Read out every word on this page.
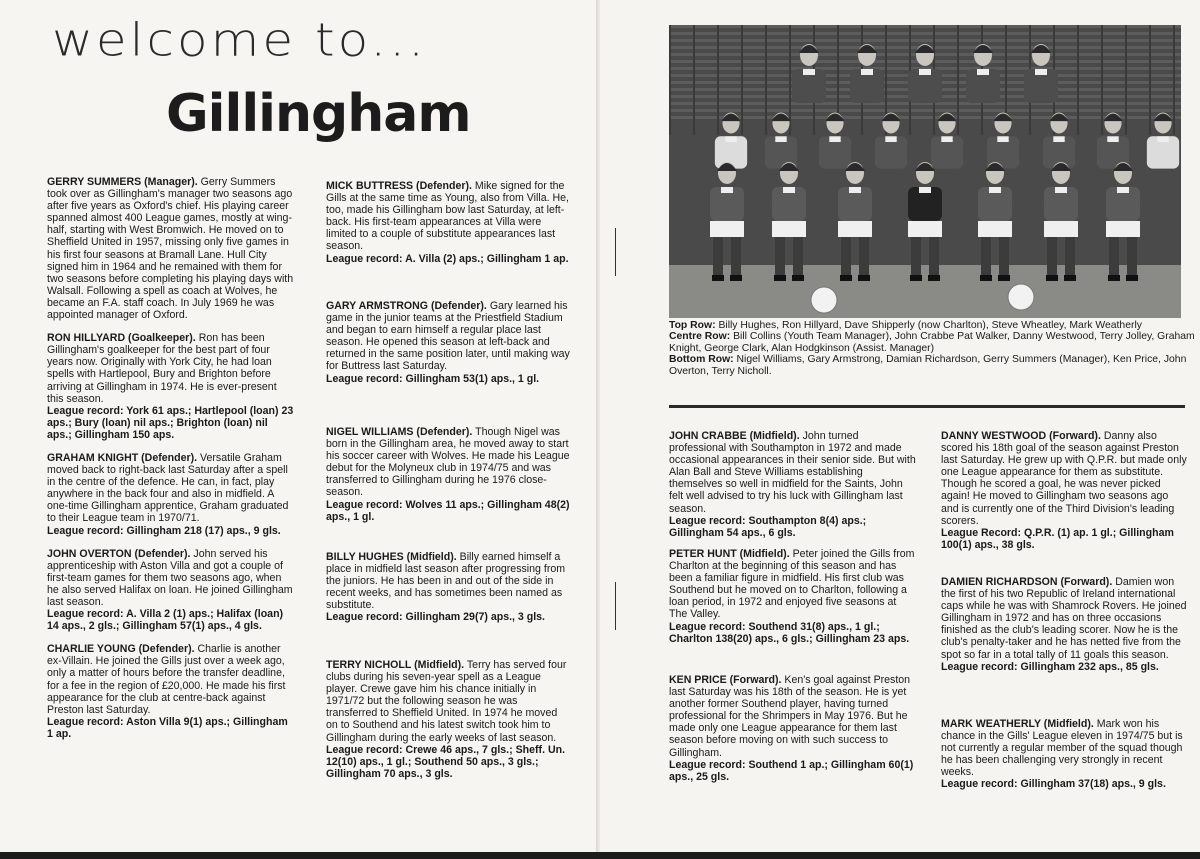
welcome to...
Gillingham
Top Row: Billy Hughes, Ron Hillyard, Dave Shipperly (now Charlton), Steve Wheatley, Mark Weatherly
Centre Row: Bill Collins (Youth Team Manager), John Crabbe Pat Walker, Danny Westwood, Terry Jolley, Graham Knight, George Clark, Alan Hodgkinson (Assist. Manager)
Bottom Row: Nigel Williams, Gary Armstrong, Damian Richardson, Gerry Summers (Manager), Ken Price, John Overton, Terry Nicholl.

GERRY SUMMERS (Manager). Gerry Summers took over as Gillingham's manager two seasons ago after five years as Oxford's chief. His playing career spanned almost 400 League games, mostly at wing-half, starting with West Bromwich. He moved on to Sheffield United in 1957, missing only five games in his first four seasons at Bramall Lane. Hull City signed him in 1964 and he remained with them for two seasons before completing his playing days with Walsall. Following a spell as coach at Wolves, he became an F.A. staff coach. In July 1969 he was appointed manager of Oxford.

RON HILLYARD (Goalkeeper). Ron has been Gillingham's goalkeeper for the best part of four years now. Originally with York City, he had loan spells with Hartlepool, Bury and Brighton before arriving at Gillingham in 1974. He is ever-present this season.
League record: York 61 aps.; Hartlepool (loan) 23 aps.; Bury (loan) nil aps.; Brighton (loan) nil aps.; Gillingham 150 aps.

GRAHAM KNIGHT (Defender). Versatile Graham moved back to right-back last Saturday after a spell in the centre of the defence. He can, in fact, play anywhere in the back four and also in midfield. A one-time Gillingham apprentice, Graham graduated to their League team in 1970/71.
League record: Gillingham 218 (17) aps., 9 gls.

JOHN OVERTON (Defender). John served his apprenticeship with Aston Villa and got a couple of first-team games for them two seasons ago, when he also served Halifax on loan. He joined Gillingham last season.
League record: A. Villa 2 (1) aps.; Halifax (loan) 14 aps., 2 gls.; Gillingham 57(1) aps., 4 gls.

CHARLIE YOUNG (Defender). Charlie is another ex-Villain. He joined the Gills just over a week ago, only a matter of hours before the transfer deadline, for a fee in the region of £20,000. He made his first appearance for the club at centre-back against Preston last Saturday.
League record: Aston Villa 9(1) aps.; Gillingham 1 ap.

MICK BUTTRESS (Defender). Mike signed for the Gills at the same time as Young, also from Villa. He, too, made his Gillingham bow last Saturday, at left-back. His first-team appearances at Villa were limited to a couple of substitute appearances last season.
League record: A. Villa (2) aps.; Gillingham 1 ap.

GARY ARMSTRONG (Defender). Gary learned his game in the junior teams at the Priestfield Stadium and began to earn himself a regular place last season. He opened this season at left-back and returned in the same position later, until making way for Buttress last Saturday.
League record: Gillingham 53(1) aps., 1 gl.

NIGEL WILLIAMS (Defender). Though Nigel was born in the Gillingham area, he moved away to start his soccer career with Wolves. He made his League debut for the Molyneux club in 1974/75 and was transferred to Gillingham during he 1976 close-season.
League record: Wolves 11 aps.; Gillingham 48(2) aps., 1 gl.

BILLY HUGHES (Midfield). Billy earned himself a place in midfield last season after progressing from the juniors. He has been in and out of the side in recent weeks, and has sometimes been named as substitute.
League record: Gillingham 29(7) aps., 3 gls.

TERRY NICHOLL (Midfield). Terry has served four clubs during his seven-year spell as a League player. Crewe gave him his chance initially in 1971/72 but the following season he was transferred to Sheffield United. In 1974 he moved on to Southend and his latest switch took him to Gillingham during the early weeks of last season.
League record: Crewe 46 aps., 7 gls.; Sheff. Un. 12(10) aps., 1 gl.; Southend 50 aps., 3 gls.; Gillingham 70 aps., 3 gls.

JOHN CRABBE (Midfield). John turned professional with Southampton in 1972 and made occasional appearances in their senior side. But with Alan Ball and Steve Williams establishing themselves so well in midfield for the Saints, John felt well advised to try his luck with Gillingham last season.
League record: Southampton 8(4) aps.; Gillingham 54 aps., 6 gls.

PETER HUNT (Midfield). Peter joined the Gills from Charlton at the beginning of this season and has been a familiar figure in midfield. His first club was Southend but he moved on to Charlton, following a loan period, in 1972 and enjoyed five seasons at The Valley.
League record: Southend 31(8) aps., 1 gl.; Charlton 138(20) aps., 6 gls.; Gillingham 23 aps.

KEN PRICE (Forward). Ken's goal against Preston last Saturday was his 18th of the season. He is yet another former Southend player, having turned professional for the Shrimpers in May 1976. But he made only one League appearance for them last season before moving on with such success to Gillingham.
League record: Southend 1 ap.; Gillingham 60(1) aps., 25 gls.

DANNY WESTWOOD (Forward). Danny also scored his 18th goal of the season against Preston last Saturday. He grew up with Q.P.R. but made only one League appearance for them as substitute. Though he scored a goal, he was never picked again! He moved to Gillingham two seasons ago and is currently one of the Third Division's leading scorers.
League Record: Q.P.R. (1) ap. 1 gl.; Gillingham 100(1) aps., 38 gls.

DAMIEN RICHARDSON (Forward). Damien won the first of his two Republic of Ireland international caps while he was with Shamrock Rovers. He joined Gillingham in 1972 and has on three occasions finished as the club's leading scorer. Now he is the club's penalty-taker and he has netted five from the spot so far in a total tally of 11 goals this season.
League record: Gillingham 232 aps., 85 gls.

MARK WEATHERLY (Midfield). Mark won his chance in the Gills' League eleven in 1974/75 but is not currently a regular member of the squad though he has been challenging very strongly in recent weeks.
League record: Gillingham 37(18) aps., 9 gls.
